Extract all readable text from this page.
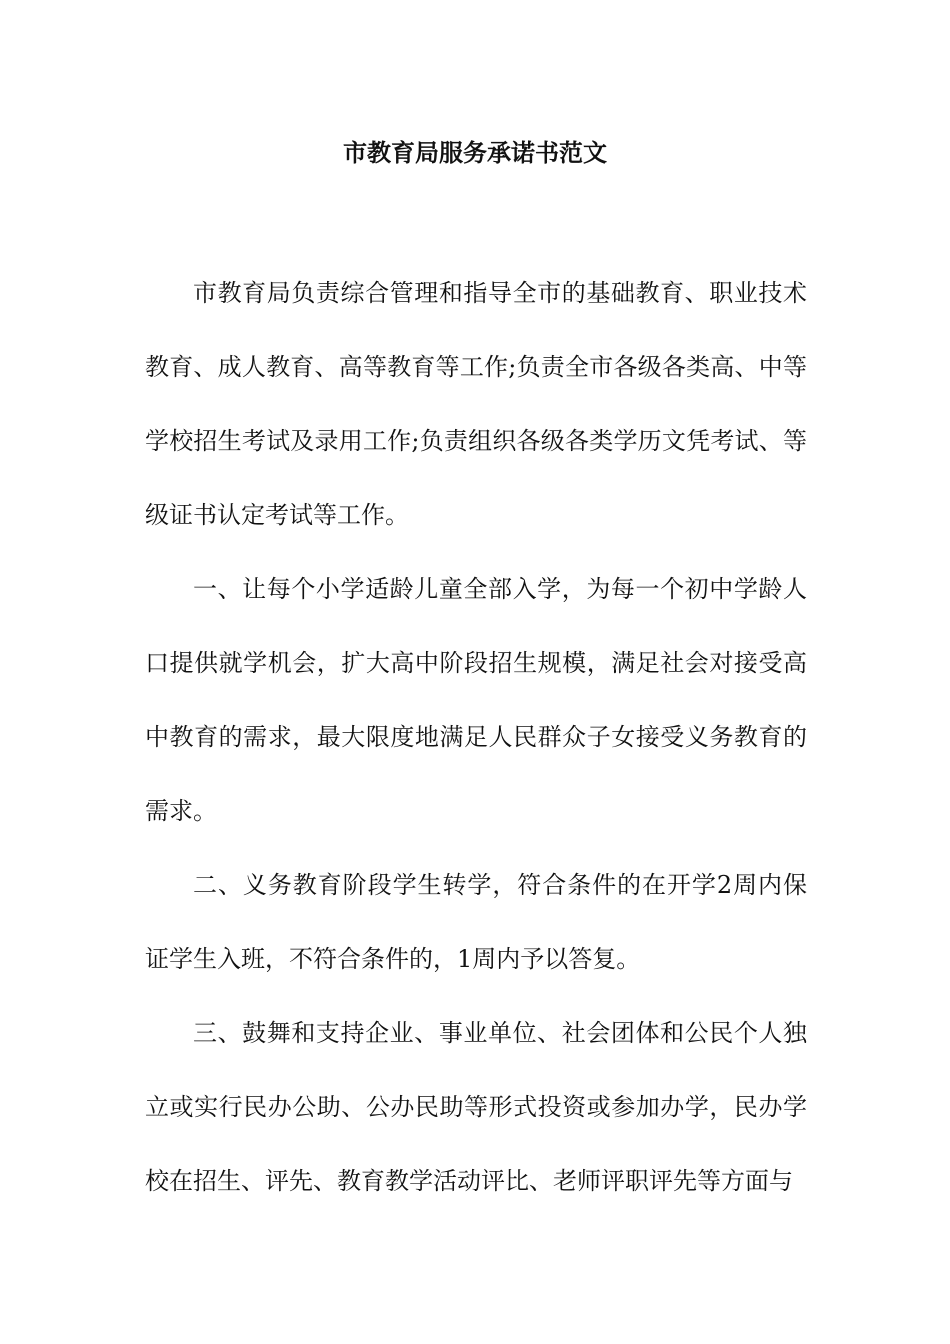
市教育局服务承诺书范文

市教育局负责综合管理和指导全市的基础教育、职业技术教育、成人教育、高等教育等工作;负责全市各级各类高、中等学校招生考试及录用工作;负责组织各级各类学历文凭考试、等级证书认定考试等工作。

一、让每个小学适龄儿童全部入学，为每一个初中学龄人口提供就学机会，扩大高中阶段招生规模，满足社会对接受高中教育的需求，最大限度地满足人民群众子女接受义务教育的需求。

二、义务教育阶段学生转学，符合条件的在开学2周内保证学生入班，不符合条件的，1周内予以答复。

三、鼓舞和支持企业、事业单位、社会团体和公民个人独立或实行民办公助、公办民助等形式投资或参加办学，民办学校在招生、评先、教育教学活动评比、老师评职评先等方面与
